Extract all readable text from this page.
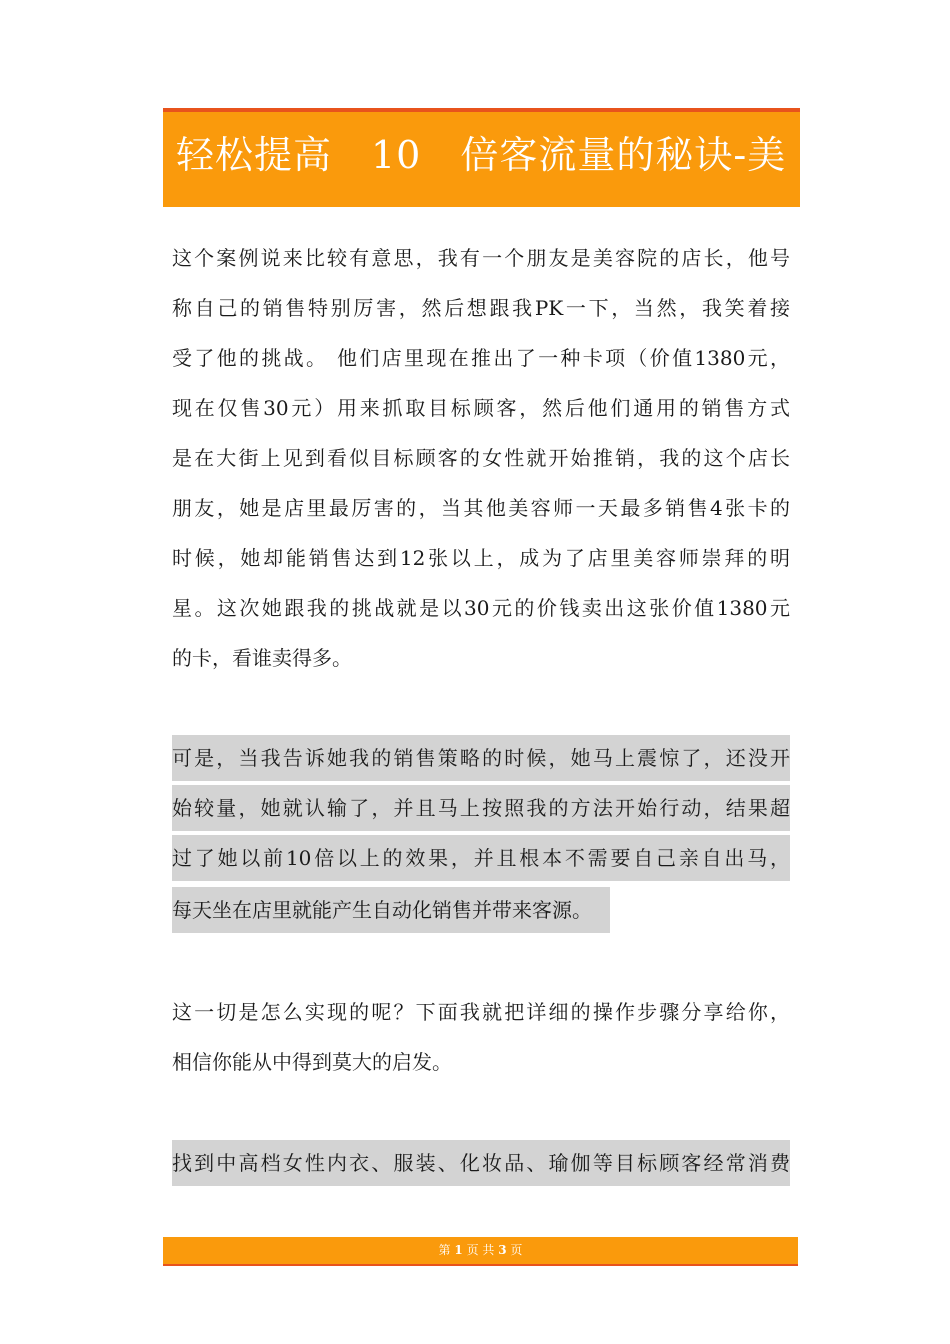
轻松提高　10　倍客流量的秘诀-美
这个案例说来比较有意思，我有一个朋友是美容院的店长，他号
称自己的销售特别厉害，然后想跟我PK一下，当然，我笑着接
受了他的挑战。 他们店里现在推出了一种卡项（价值1380元，
现在仅售30元）用来抓取目标顾客，然后他们通用的销售方式
是在大街上见到看似目标顾客的女性就开始推销，我的这个店长
朋友，她是店里最厉害的，当其他美容师一天最多销售4张卡的
时候，她却能销售达到12张以上，成为了店里美容师崇拜的明
星。这次她跟我的挑战就是以30元的价钱卖出这张价值1380元
的卡，看谁卖得多。
可是，当我告诉她我的销售策略的时候，她马上震惊了，还没开
始较量，她就认输了，并且马上按照我的方法开始行动，结果超
过了她以前10倍以上的效果，并且根本不需要自己亲自出马，
每天坐在店里就能产生自动化销售并带来客源。
这一切是怎么实现的呢？下面我就把详细的操作步骤分享给你，
相信你能从中得到莫大的启发。
找到中高档女性内衣、服装、化妆品、瑜伽等目标顾客经常消费
第 1 页 共 3 页
